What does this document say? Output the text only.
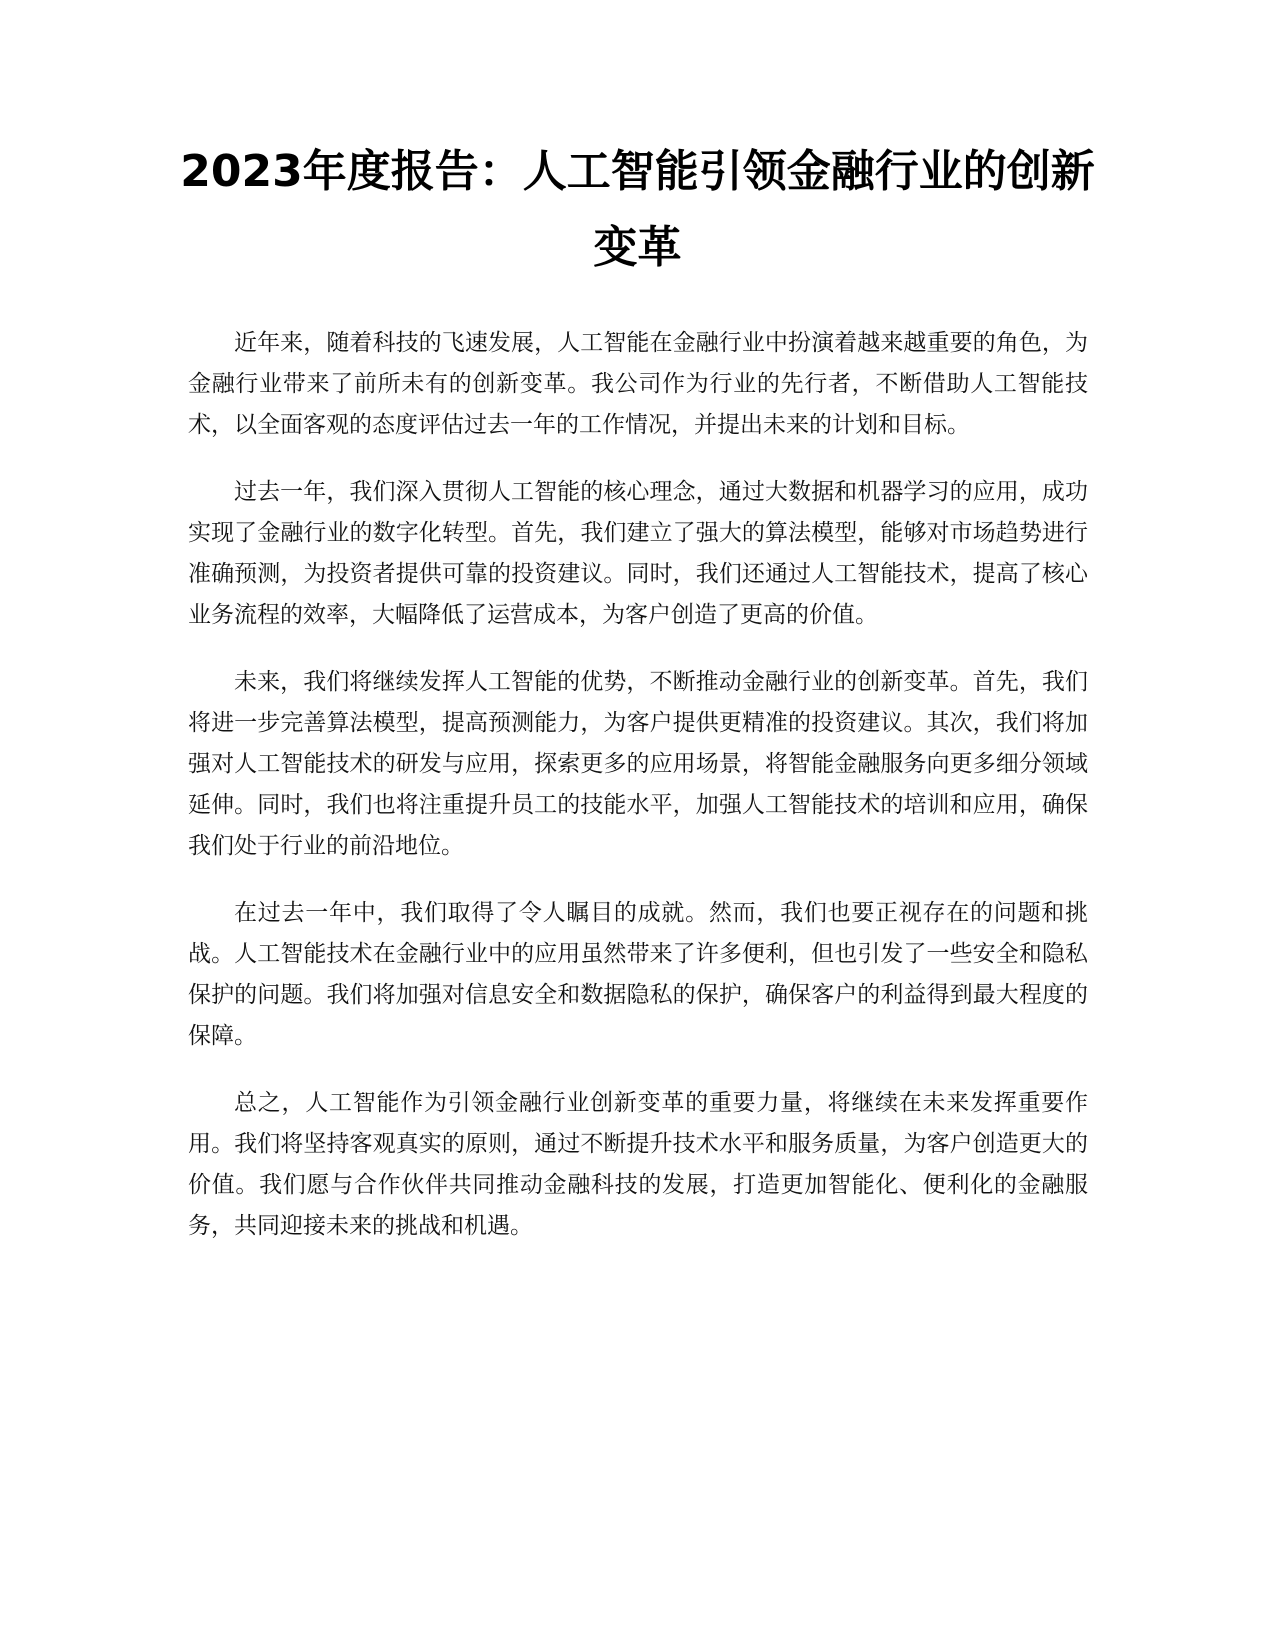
2023年度报告：人工智能引领金融行业的创新变革

近年来，随着科技的飞速发展，人工智能在金融行业中扮演着越来越重要的角色，为金融行业带来了前所未有的创新变革。我公司作为行业的先行者，不断借助人工智能技术，以全面客观的态度评估过去一年的工作情况，并提出未来的计划和目标。

过去一年，我们深入贯彻人工智能的核心理念，通过大数据和机器学习的应用，成功实现了金融行业的数字化转型。首先，我们建立了强大的算法模型，能够对市场趋势进行准确预测，为投资者提供可靠的投资建议。同时，我们还通过人工智能技术，提高了核心业务流程的效率，大幅降低了运营成本，为客户创造了更高的价值。

未来，我们将继续发挥人工智能的优势，不断推动金融行业的创新变革。首先，我们将进一步完善算法模型，提高预测能力，为客户提供更精准的投资建议。其次，我们将加强对人工智能技术的研发与应用，探索更多的应用场景，将智能金融服务向更多细分领域延伸。同时，我们也将注重提升员工的技能水平，加强人工智能技术的培训和应用，确保我们处于行业的前沿地位。

在过去一年中，我们取得了令人瞩目的成就。然而，我们也要正视存在的问题和挑战。人工智能技术在金融行业中的应用虽然带来了许多便利，但也引发了一些安全和隐私保护的问题。我们将加强对信息安全和数据隐私的保护，确保客户的利益得到最大程度的保障。

总之，人工智能作为引领金融行业创新变革的重要力量，将继续在未来发挥重要作用。我们将坚持客观真实的原则，通过不断提升技术水平和服务质量，为客户创造更大的价值。我们愿与合作伙伴共同推动金融科技的发展，打造更加智能化、便利化的金融服务，共同迎接未来的挑战和机遇。
